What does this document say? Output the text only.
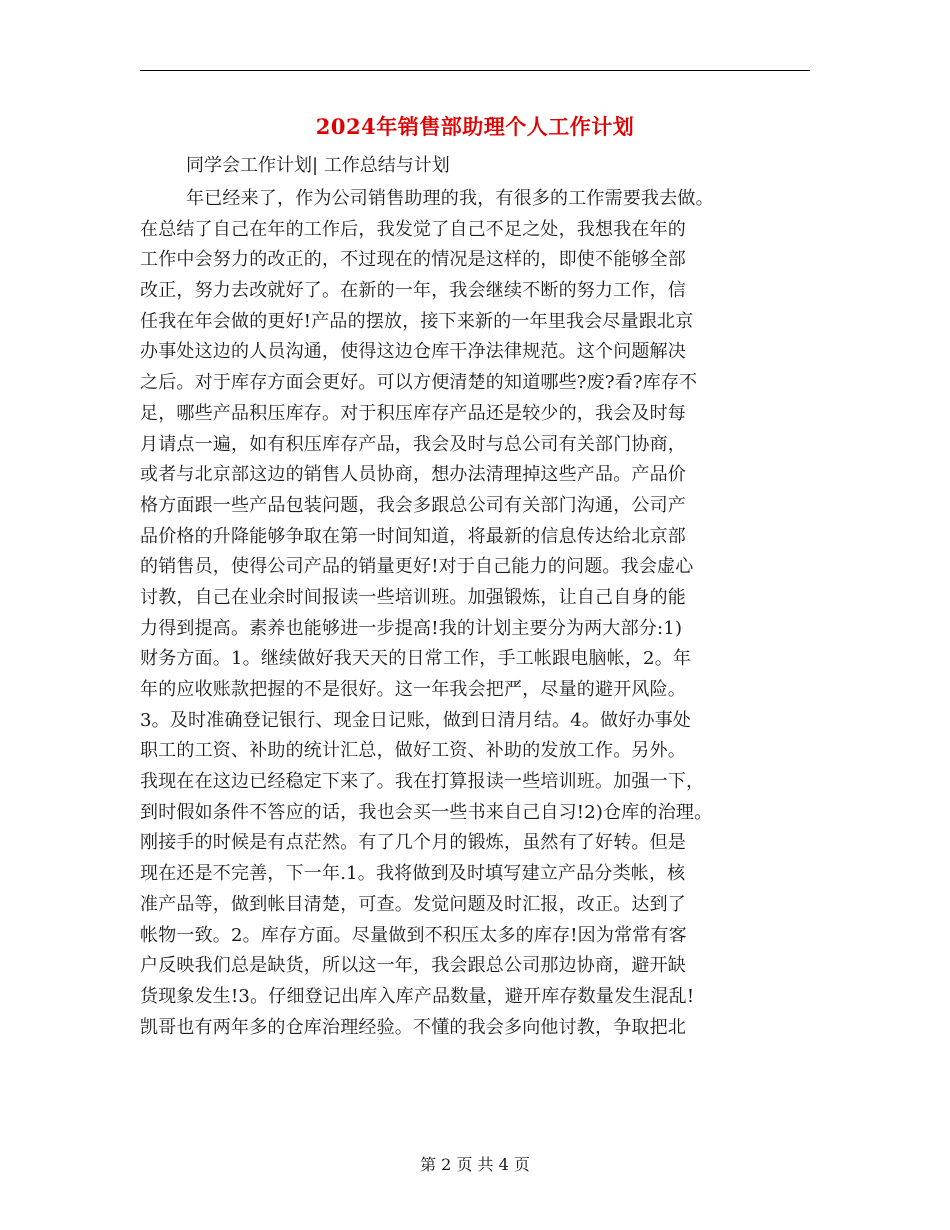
2024年销售部助理个人工作计划
同学会工作计划| 工作总结与计划
年已经来了，作为公司销售助理的我，有很多的工作需要我去做。
在总结了自己在年的工作后，我发觉了自己不足之处，我想我在年的
工作中会努力的改正的，不过现在的情况是这样的，即使不能够全部
改正，努力去改就好了。在新的一年，我会继续不断的努力工作，信
任我在年会做的更好!产品的摆放，接下来新的一年里我会尽量跟北京
办事处这边的人员沟通，使得这边仓库干净法律规范。这个问题解决
之后。对于库存方面会更好。可以方便清楚的知道哪些?废?看?库存不
足，哪些产品积压库存。对于积压库存产品还是较少的，我会及时每
月请点一遍，如有积压库存产品，我会及时与总公司有关部门协商，
或者与北京部这边的销售人员协商，想办法清理掉这些产品。产品价
格方面跟一些产品包装问题，我会多跟总公司有关部门沟通，公司产
品价格的升降能够争取在第一时间知道，将最新的信息传达给北京部
的销售员，使得公司产品的销量更好!对于自己能力的问题。我会虚心
讨教，自己在业余时间报读一些培训班。加强锻炼，让自己自身的能
力得到提高。素养也能够进一步提高!我的计划主要分为两大部分:1)
财务方面。1。继续做好我天天的日常工作，手工帐跟电脑帐，2。年
年的应收账款把握的不是很好。这一年我会把严，尽量的避开风险。
3。及时准确登记银行、现金日记账，做到日清月结。4。做好办事处
职工的工资、补助的统计汇总，做好工资、补助的发放工作。另外。
我现在在这边已经稳定下来了。我在打算报读一些培训班。加强一下，
到时假如条件不答应的话，我也会买一些书来自己自习!2)仓库的治理。
刚接手的时候是有点茫然。有了几个月的锻炼，虽然有了好转。但是
现在还是不完善，下一年.1。我将做到及时填写建立产品分类帐，核
准产品等，做到帐目清楚，可查。发觉问题及时汇报，改正。达到了
帐物一致。2。库存方面。尽量做到不积压太多的库存!因为常常有客
户反映我们总是缺货，所以这一年，我会跟总公司那边协商，避开缺
货现象发生!3。仔细登记出库入库产品数量，避开库存数量发生混乱!
凯哥也有两年多的仓库治理经验。不懂的我会多向他讨教，争取把北
第 2 页 共 4 页
